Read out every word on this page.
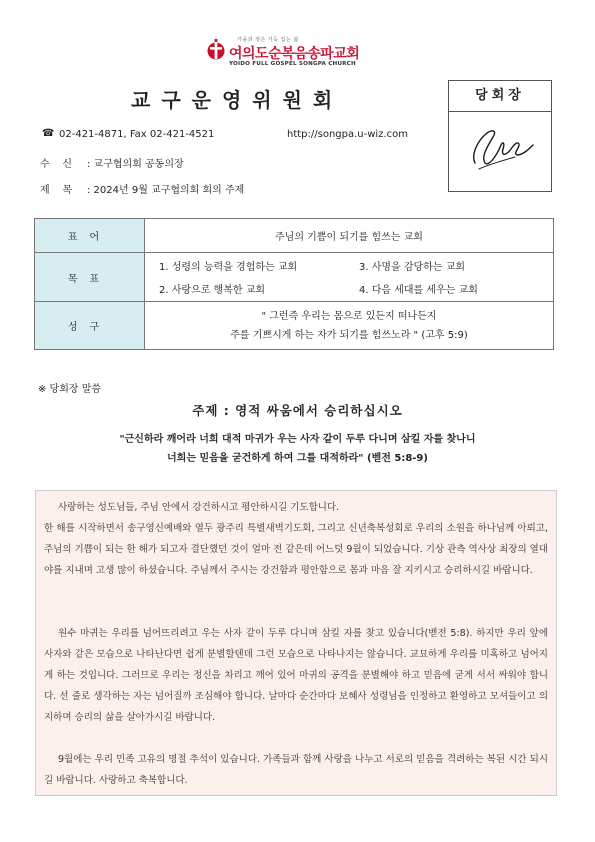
가을과 정은 가득 입는 삶
여의도순복음송파교회
YOIDO FULL GOSPEL SONGPA CHURCH
교구운영위원회	당회장
☎ 02-421-4871, Fax 02-421-4521	http://songpa.u-wiz.com
수    신 : 교구협의회 공동의장
제    목 : 2024년 9월 교구협의회 회의 주제
표어	주님의 기쁨이 되기를 힘쓰는 교회
목표	1. 성령의 능력을 경험하는 교회 3. 사명을 감당하는 교회
2. 사랑으로 행복한 교회 4. 다음 세대를 세우는 교회

성구	" 그런즉 우리는 몸으로 있든지 떠나든지
주를 기쁘시게 하는 자가 되기를 힘쓰노라 " (고후 5:9)
※ 당회장 말씀
주제 : 영적 싸움에서 승리하십시오
"근신하라 깨어라 너희 대적 마귀가 우는 사자 같이 두루 다니며 삼킬 자를 찾나니
너희는 믿음을 굳건하게 하여 그를 대적하라" (벧전 5:8-9)

사랑하는 성도님들, 주님 안에서 강건하시고 평안하시길 기도합니다.

한 해를 시작하면서 송구영신예배와 열두 광주리 특별새벽기도회, 그리고 신년축복성회로 우리의 소원을 하나님께 아뢰고, 주님의 기쁨이 되는 한 해가 되고자 결단했던 것이 얼마 전 같은데 어느덧 9월이 되었습니다. 기상 관측 역사상 최장의 열대야를 지내며 고생 많이 하셨습니다. 주님께서 주시는 강건함과 평안함으로 몸과 마음 잘 지키시고 승리하시길 바랍니다.

원수 마귀는 우리를 넘어뜨리려고 우는 사자 같이 두루 다니며 삼킬 자를 찾고 있습니다(벧전 5:8). 하지만 우리 앞에 사자와 같은 모습으로 나타난다면 쉽게 분별할텐데 그런 모습으로 나타나지는 않습니다. 교묘하게 우리를 미혹하고 넘어지게 하는 것입니다. 그러므로 우리는 정신을 차리고 깨어 있어 마귀의 공격을 분별해야 하고 믿음에 굳게 서서 싸워야 합니다. 선 줄로 생각하는 자는 넘어질까 조심해야 합니다. 날마다 순간마다 보혜사 성령님을 인정하고 환영하고 모셔들이고 의지하며 승리의 삶을 살아가시길 바랍니다.

9월에는 우리 민족 고유의 명절 추석이 있습니다. 가족들과 함께 사랑을 나누고 서로의 믿음을 격려하는 복된 시간 되시길 바랍니다. 사랑하고 축복합니다.
